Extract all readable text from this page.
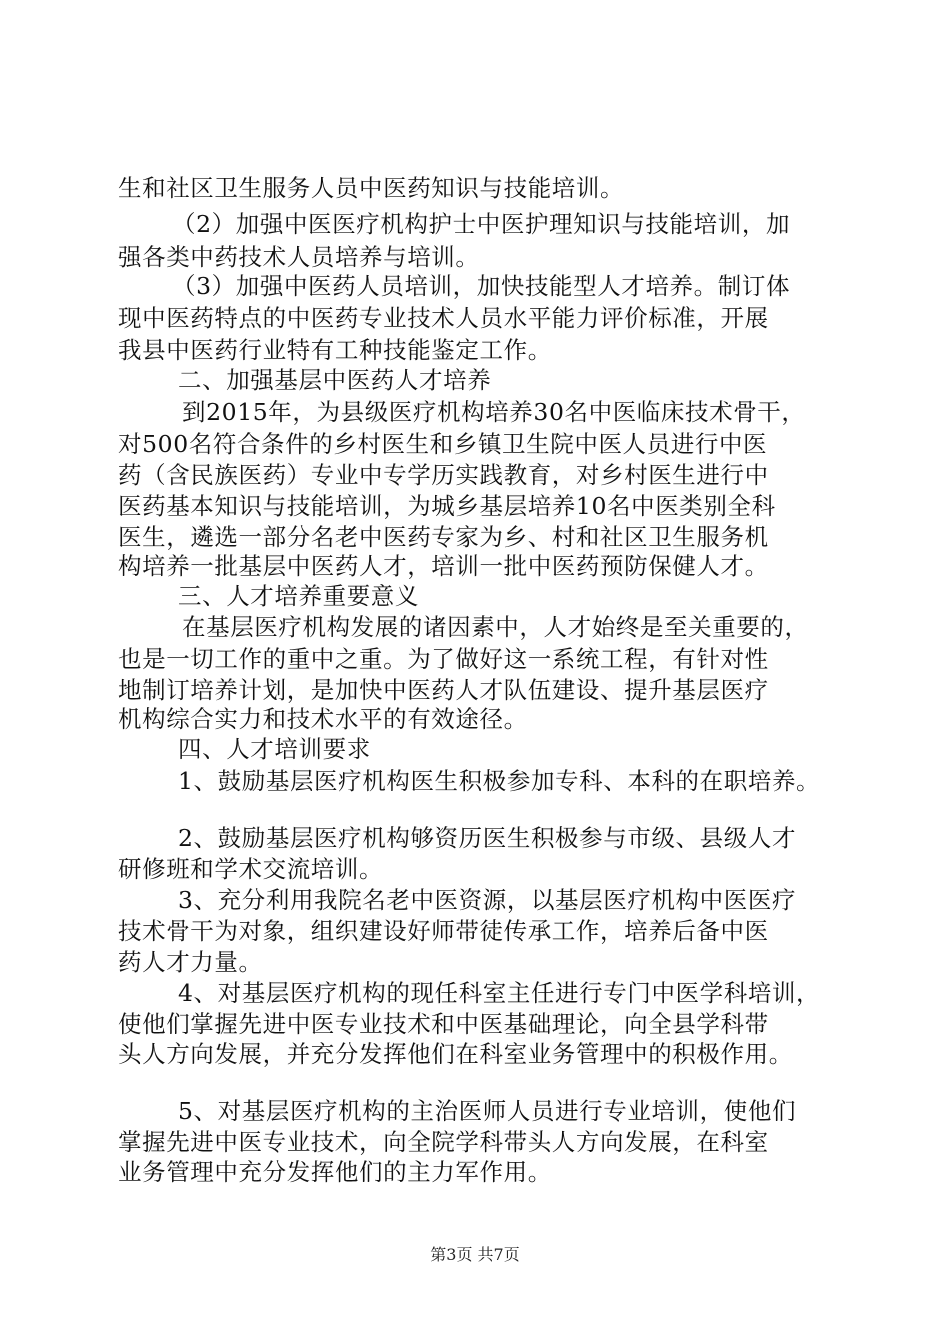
生和社区卫生服务人员中医药知识与技能培训。
（2）加强中医医疗机构护士中医护理知识与技能培训，加
强各类中药技术人员培养与培训。
（3）加强中医药人员培训，加快技能型人才培养。制订体
现中医药特点的中医药专业技术人员水平能力评价标准，开展
我县中医药行业特有工种技能鉴定工作。
二、加强基层中医药人才培养
到2015年，为县级医疗机构培养30名中医临床技术骨干，
对500名符合条件的乡村医生和乡镇卫生院中医人员进行中医
药（含民族医药）专业中专学历实践教育，对乡村医生进行中
医药基本知识与技能培训，为城乡基层培养10名中医类别全科
医生，遴选一部分名老中医药专家为乡、村和社区卫生服务机
构培养一批基层中医药人才，培训一批中医药预防保健人才。
三、人才培养重要意义
在基层医疗机构发展的诸因素中，人才始终是至关重要的，
也是一切工作的重中之重。为了做好这一系统工程，有针对性
地制订培养计划，是加快中医药人才队伍建设、提升基层医疗
机构综合实力和技术水平的有效途径。
四、人才培训要求
1、鼓励基层医疗机构医生积极参加专科、本科的在职培养。
2、鼓励基层医疗机构够资历医生积极参与市级、县级人才
研修班和学术交流培训。
3、充分利用我院名老中医资源，以基层医疗机构中医医疗
技术骨干为对象，组织建设好师带徒传承工作，培养后备中医
药人才力量。
4、对基层医疗机构的现任科室主任进行专门中医学科培训，
使他们掌握先进中医专业技术和中医基础理论，向全县学科带
头人方向发展，并充分发挥他们在科室业务管理中的积极作用。
5、对基层医疗机构的主治医师人员进行专业培训，使他们
掌握先进中医专业技术，向全院学科带头人方向发展，在科室
业务管理中充分发挥他们的主力军作用。
第3页 共7页
